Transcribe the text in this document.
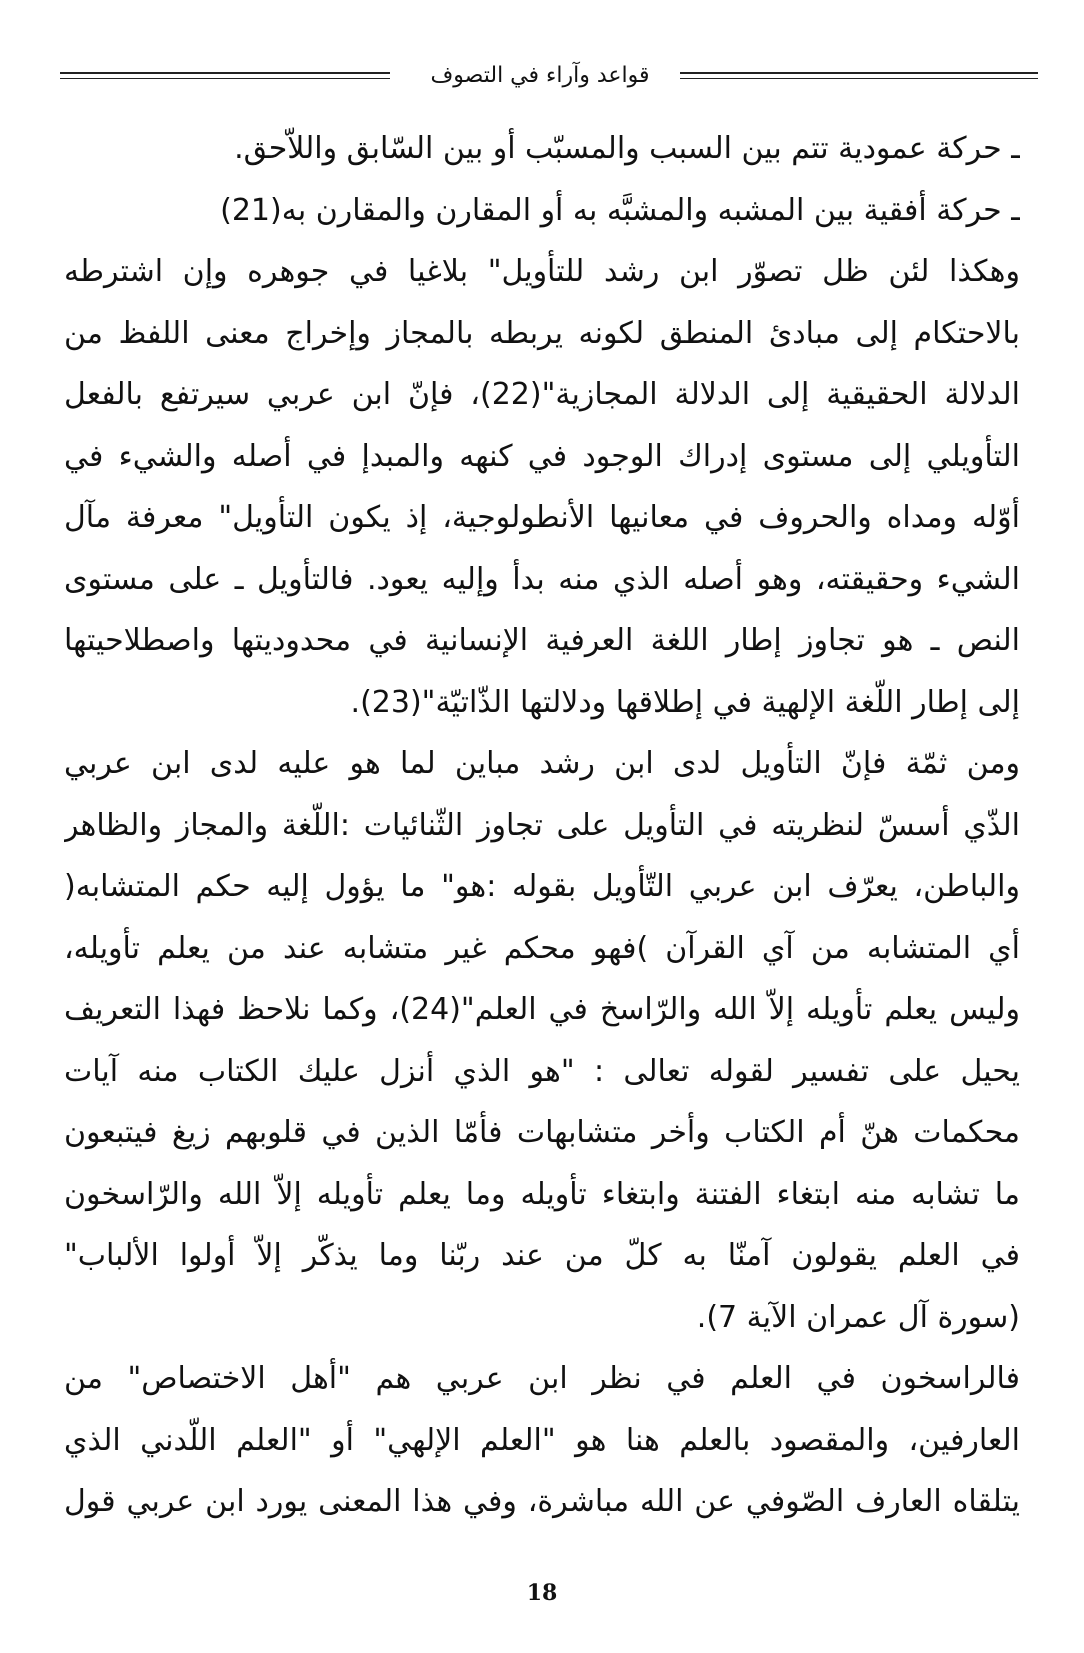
قواعد وآراء في التصوف
ـ حركة عمودية تتم بين السبب والمسبّب أو بين السّابق واللاّحق.
ـ حركة أفقية بين المشبه والمشبَّه به أو المقارن والمقارن به(21)
وهكذا لئن ظل تصوّر ابن رشد للتأويل" بلاغيا في جوهره وإن اشترطه
بالاحتكام إلى مبادئ المنطق لكونه يربطه بالمجاز وإخراج معنى اللفظ من
الدلالة الحقيقية إلى الدلالة المجازية"(22)، فإنّ ابن عربي سيرتفع بالفعل
التأويلي إلى مستوى إدراك الوجود في كنهه والمبدإ في أصله والشيء في
أوّله ومداه والحروف في معانيها الأنطولوجية، إذ يكون التأويل" معرفة مآل
الشيء وحقيقته، وهو أصله الذي منه بدأ وإليه يعود. فالتأويل ـ على مستوى
النص ـ هو تجاوز إطار اللغة العرفية الإنسانية في محدوديتها واصطلاحيتها
إلى إطار اللّغة الإلهية في إطلاقها ودلالتها الذّاتيّة"(23).
ومن ثمّة فإنّ التأويل لدى ابن رشد مباين لما هو عليه لدى ابن عربي
الذّي أسسّ لنظريته في التأويل على تجاوز الثّنائيات :اللّغة والمجاز والظاهر
والباطن، يعرّف ابن عربي التّأويل بقوله :هو" ما يؤول إليه حكم المتشابه(
أي المتشابه من آي القرآن )فهو محكم غير متشابه عند من يعلم تأويله،
وليس يعلم تأويله إلاّ الله والرّاسخ في العلم"(24)، وكما نلاحظ فهذا التعريف
يحيل على تفسير لقوله تعالى : "هو الذي أنزل عليك الكتاب منه آيات
محكمات هنّ أم الكتاب وأخر متشابهات فأمّا الذين في قلوبهم زيغ فيتبعون
ما تشابه منه ابتغاء الفتنة وابتغاء تأويله وما يعلم تأويله إلاّ الله والرّاسخون
في العلم يقولون آمنّا به كلّ من عند ربّنا وما يذكّر إلاّ أولوا الألباب"
(سورة آل عمران الآية 7).
فالراسخون في العلم في نظر ابن عربي هم "أهل الاختصاص" من
العارفين، والمقصود بالعلم هنا هو "العلم الإلهي" أو "العلم اللّدني الذي
يتلقاه العارف الصّوفي عن الله مباشرة، وفي هذا المعنى يورد ابن عربي قول
18
